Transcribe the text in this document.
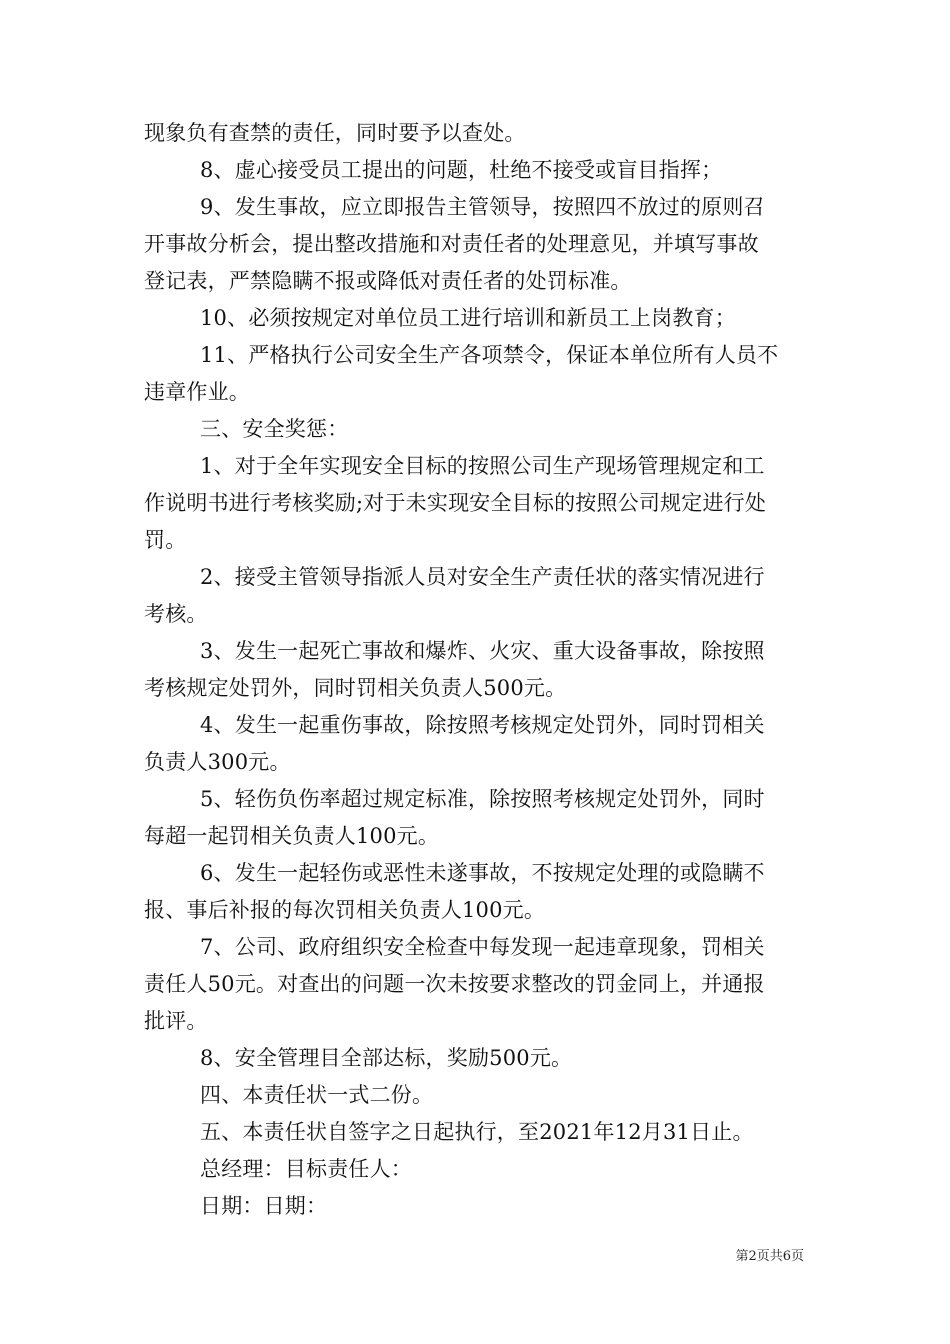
现象负有查禁的责任，同时要予以查处。
8、虚心接受员工提出的问题，杜绝不接受或盲目指挥；
9、发生事故，应立即报告主管领导，按照四不放过的原则召
开事故分析会，提出整改措施和对责任者的处理意见，并填写事故
登记表，严禁隐瞒不报或降低对责任者的处罚标准。
10、必须按规定对单位员工进行培训和新员工上岗教育；
11、严格执行公司安全生产各项禁令，保证本单位所有人员不
违章作业。
三、安全奖惩：
1、对于全年实现安全目标的按照公司生产现场管理规定和工
作说明书进行考核奖励;对于未实现安全目标的按照公司规定进行处
罚。
2、接受主管领导指派人员对安全生产责任状的落实情况进行
考核。
3、发生一起死亡事故和爆炸、火灾、重大设备事故，除按照
考核规定处罚外，同时罚相关负责人500元。
4、发生一起重伤事故，除按照考核规定处罚外，同时罚相关
负责人300元。
5、轻伤负伤率超过规定标准，除按照考核规定处罚外，同时
每超一起罚相关负责人100元。
6、发生一起轻伤或恶性未遂事故，不按规定处理的或隐瞒不
报、事后补报的每次罚相关负责人100元。
7、公司、政府组织安全检查中每发现一起违章现象，罚相关
责任人50元。对查出的问题一次未按要求整改的罚金同上，并通报
批评。
8、安全管理目全部达标，奖励500元。
四、本责任状一式二份。
五、本责任状自签字之日起执行，至2021年12月31日止。
总经理：目标责任人：
日期：日期：
第2页共6页
